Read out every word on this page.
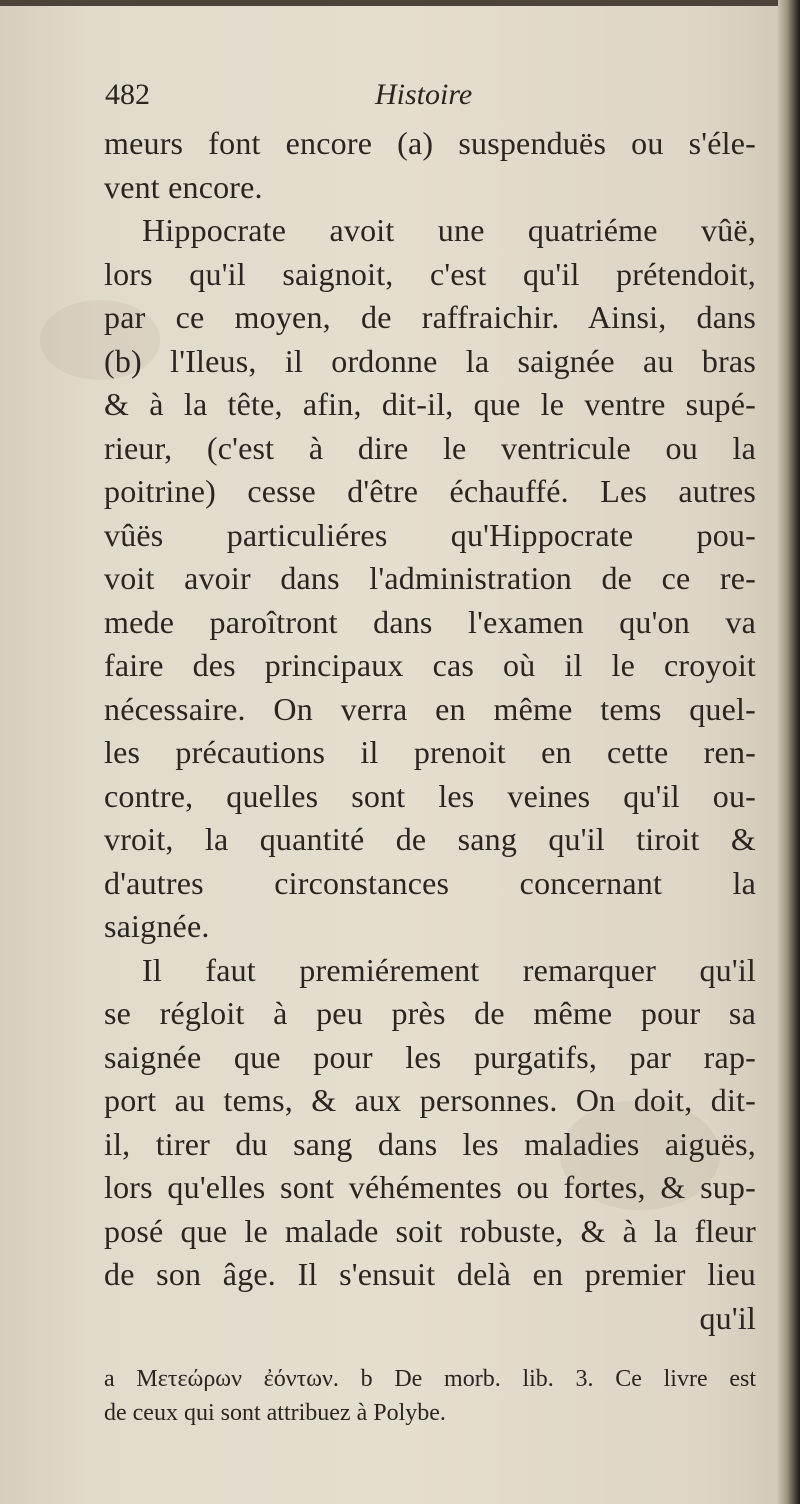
482	Histoire
meurs font encore (a) suspenduës ou s'éle-
vent encore.
Hippocrate avoit une quatriéme vûë,
lors qu'il saignoit, c'est qu'il prétendoit,
par ce moyen, de raffraichir. Ainsi, dans
(b) l'Ileus, il ordonne la saignée au bras
& à la tête, afin, dit-il, que le ventre supé-
rieur, (c'est à dire le ventricule ou la
poitrine) cesse d'être échauffé. Les autres
vûës particuliéres qu'Hippocrate pou-
voit avoir dans l'administration de ce re-
mede paroîtront dans l'examen qu'on va
faire des principaux cas où il le croyoit
nécessaire. On verra en même tems quel-
les précautions il prenoit en cette ren-
contre, quelles sont les veines qu'il ou-
vroit, la quantité de sang qu'il tiroit &
d'autres circonstances concernant la
saignée.
Il faut premiérement remarquer qu'il
se régloit à peu près de même pour sa
saignée que pour les purgatifs, par rap-
port au tems, & aux personnes. On doit, dit-
il, tirer du sang dans les maladies aiguës,
lors qu'elles sont véhémentes ou fortes, & sup-
posé que le malade soit robuste, & à la fleur
de son âge. Il s'ensuit delà en premier lieu
qu'il
a Μετεώρων ἐόντων. b De morb. lib. 3. Ce livre est
de ceux qui sont attribuez à Polybe.
